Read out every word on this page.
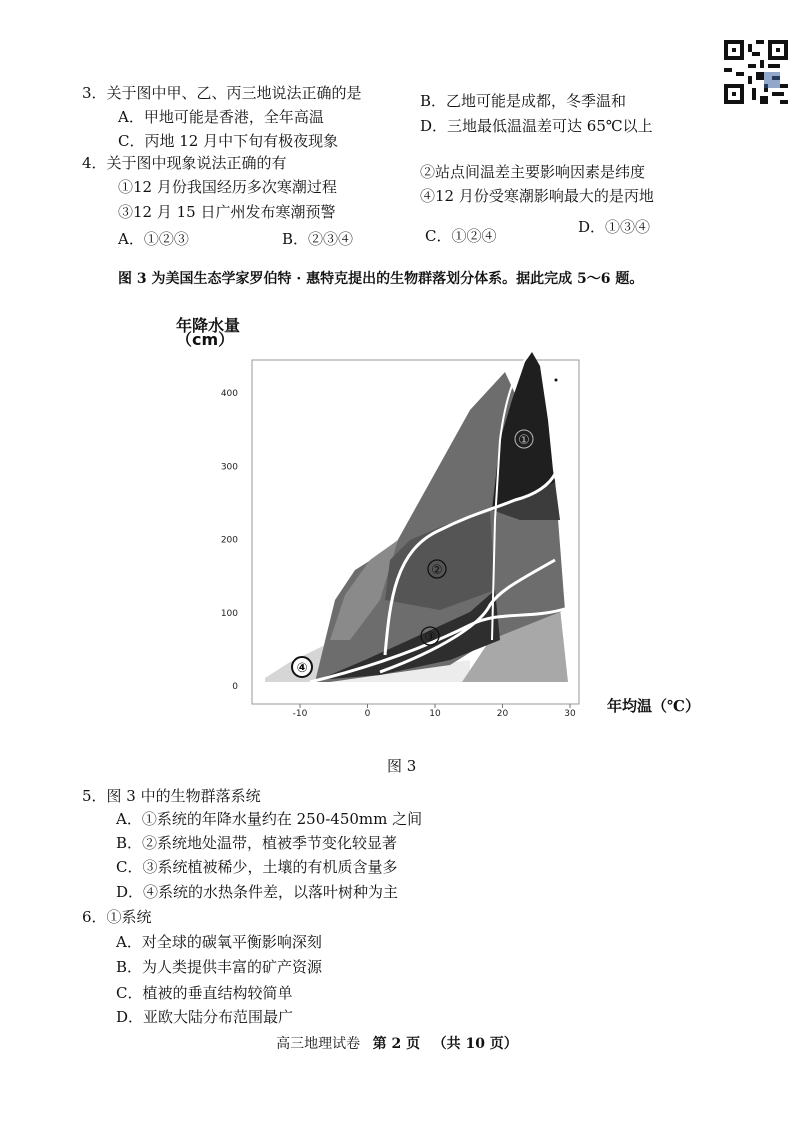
3．关于图中甲、乙、丙三地说法正确的是
A．甲地可能是香港，全年高温
B．乙地可能是成都，冬季温和
C．丙地 12 月中下旬有极夜现象
D．三地最低温温差可达 65℃以上
4．关于图中现象说法正确的有
①12 月份我国经历多次寒潮过程
②站点间温差主要影响因素是纬度
③12 月 15 日广州发布寒潮预警
④12 月份受寒潮影响最大的是丙地
A．①②③	B．②③④	C．①②④	D．①③④
图 3 为美国生态学家罗伯特 · 惠特克提出的生物群落划分体系。据此完成 5～6 题。
①
②
③
④
年降水量
（cm）
年均温（℃）
-10	0	10	20	30
0
100
200
300
400
图 3
5．图 3 中的生物群落系统
A．①系统的年降水量约在 250-450mm 之间
B．②系统地处温带，植被季节变化较显著
C．③系统植被稀少，土壤的有机质含量多
D．④系统的水热条件差，以落叶树种为主
6．①系统
A．对全球的碳氧平衡影响深刻
B．为人类提供丰富的矿产资源
C．植被的垂直结构较简单
D．亚欧大陆分布范围最广
高三地理试卷 第 2 页 （共 10 页）
